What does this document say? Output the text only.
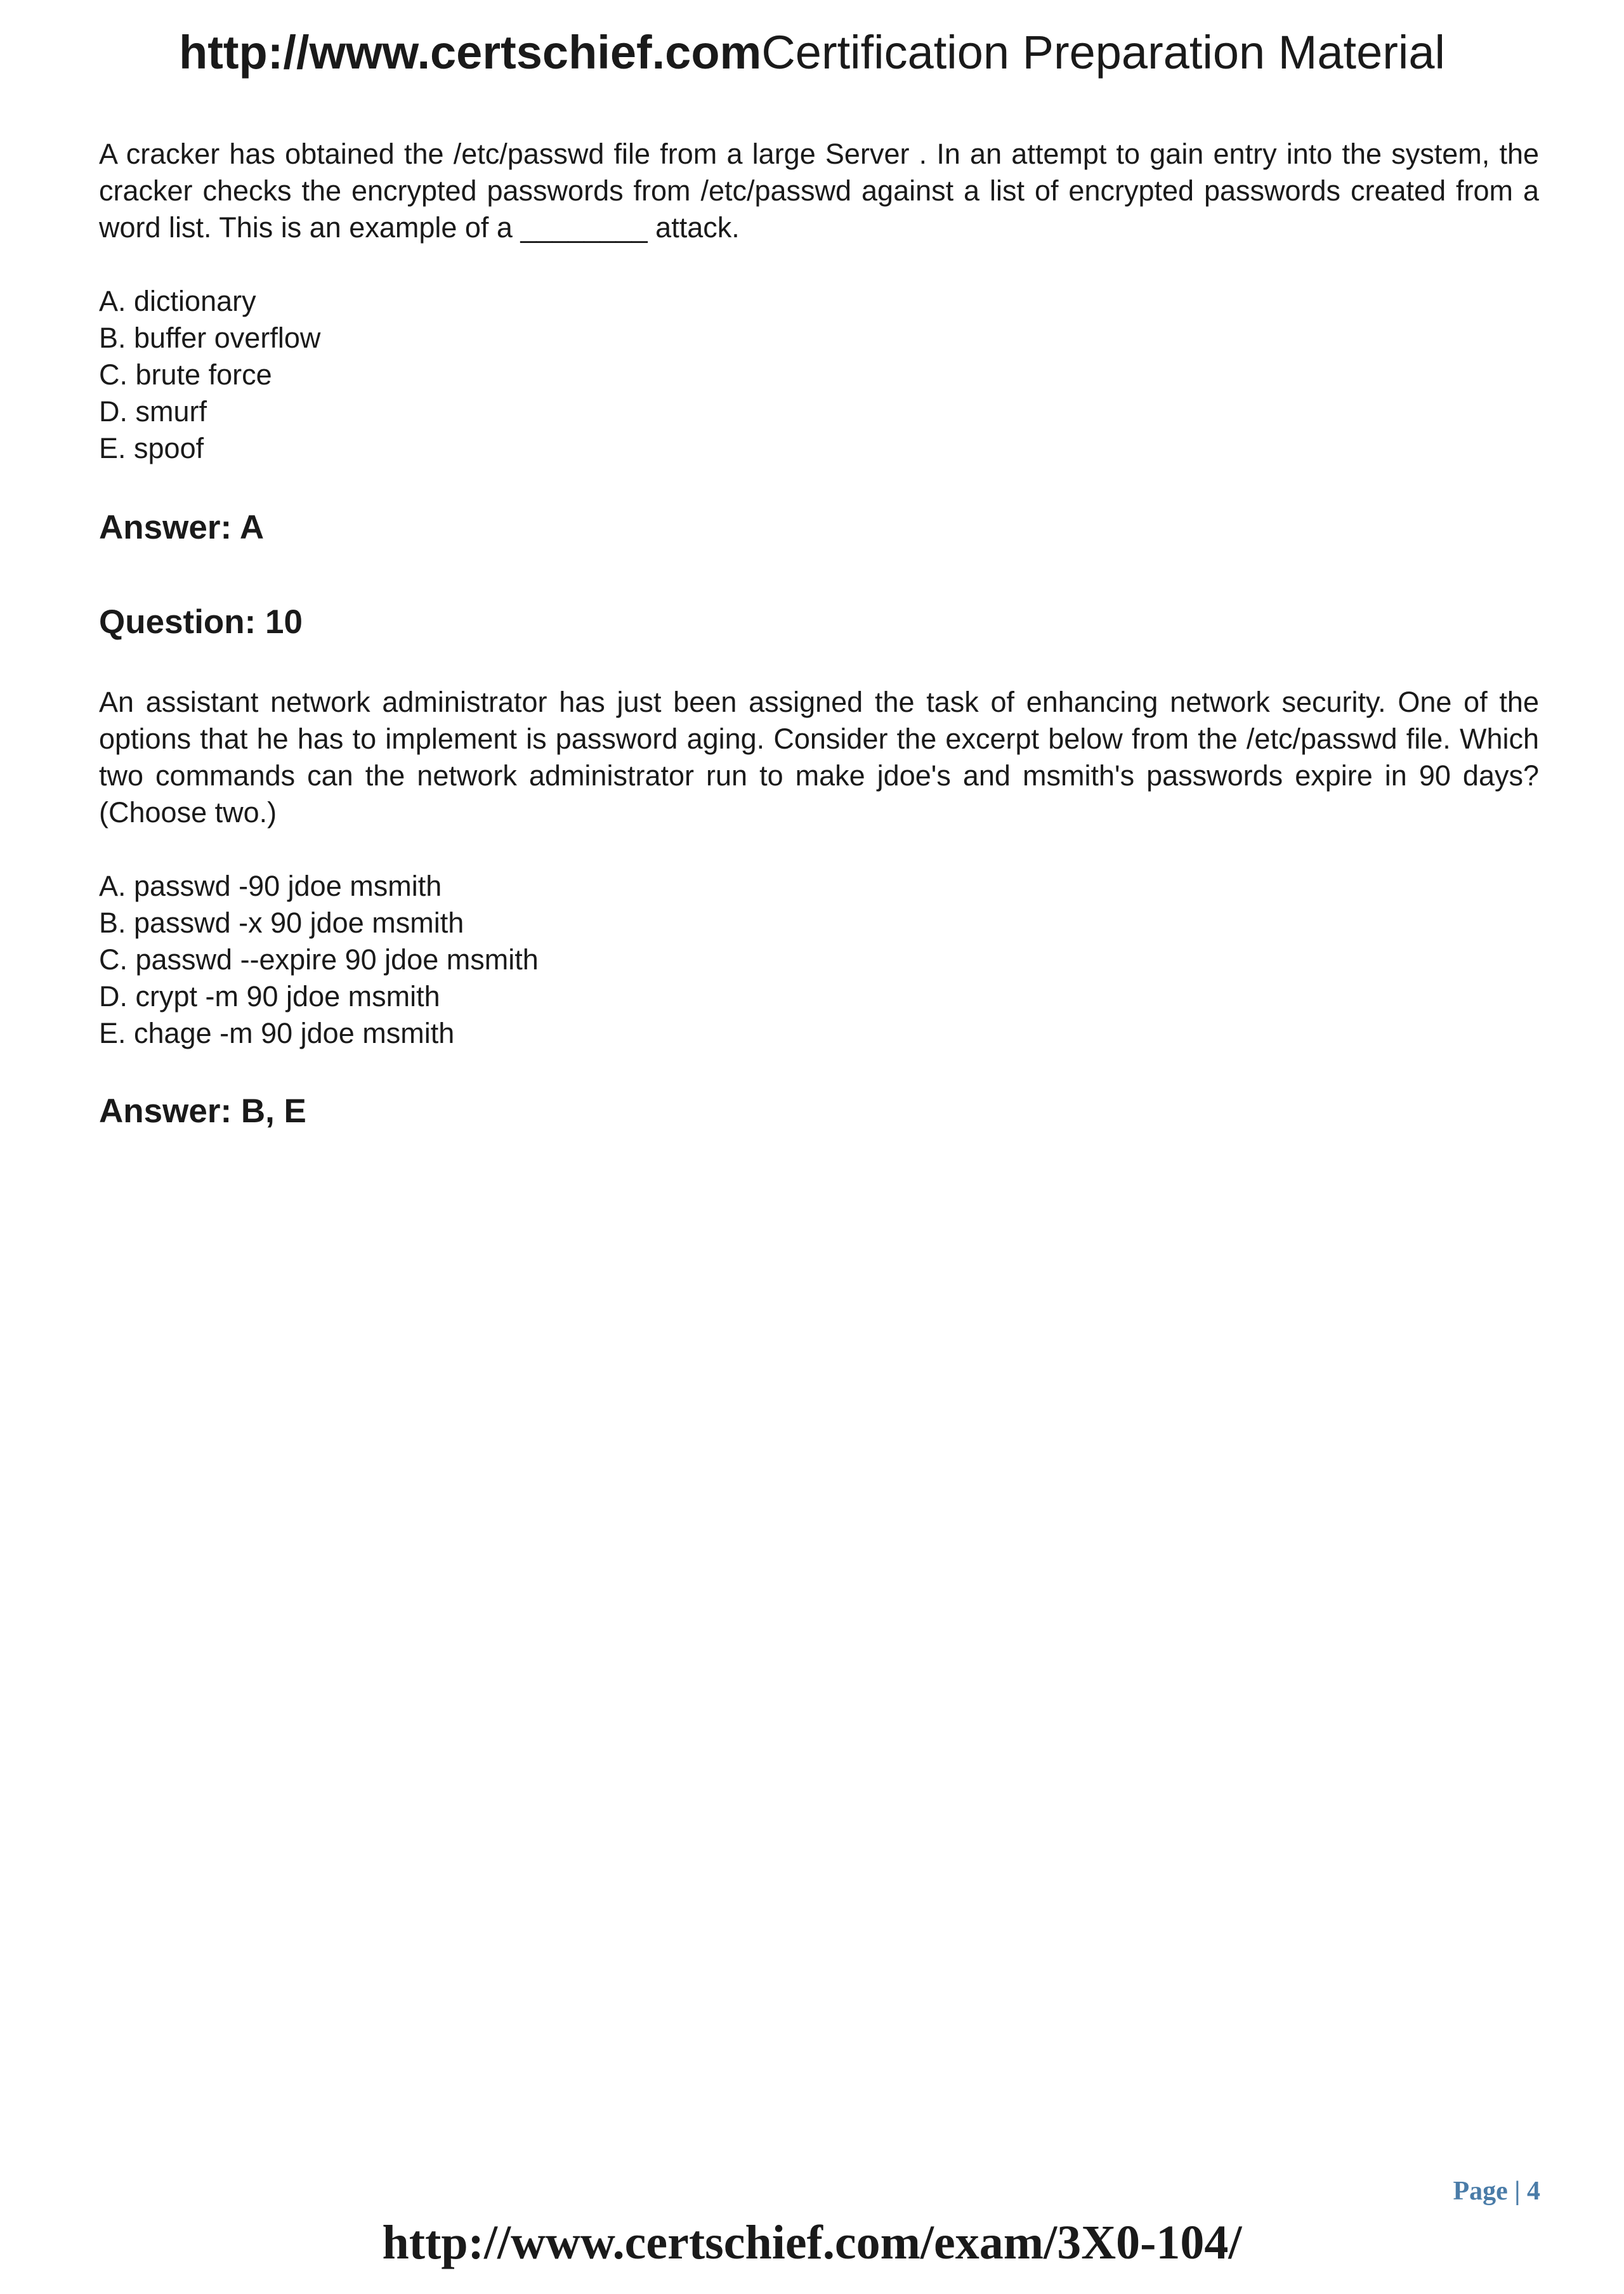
http://www.certschief.comCertification Preparation Material

A cracker has obtained the /etc/passwd file from a large Server . In an attempt to gain entry into the system, the cracker checks the encrypted passwords from /etc/passwd against a list of encrypted passwords created from a word list. This is an example of a ________ attack.

A. dictionary
B. buffer overflow
C. brute force
D. smurf
E. spoof

Answer: A

Question: 10

An assistant network administrator has just been assigned the task of enhancing network security. One of the options that he has to implement is password aging. Consider the excerpt below from the /etc/passwd file. Which two commands can the network administrator run to make jdoe's and msmith's passwords expire in 90 days? (Choose two.)

A. passwd -90 jdoe msmith
B. passwd -x 90 jdoe msmith
C. passwd --expire 90 jdoe msmith
D. crypt -m 90 jdoe msmith
E. chage -m 90 jdoe msmith

Answer: B, E

Page | 4
http://www.certschief.com/exam/3X0-104/
